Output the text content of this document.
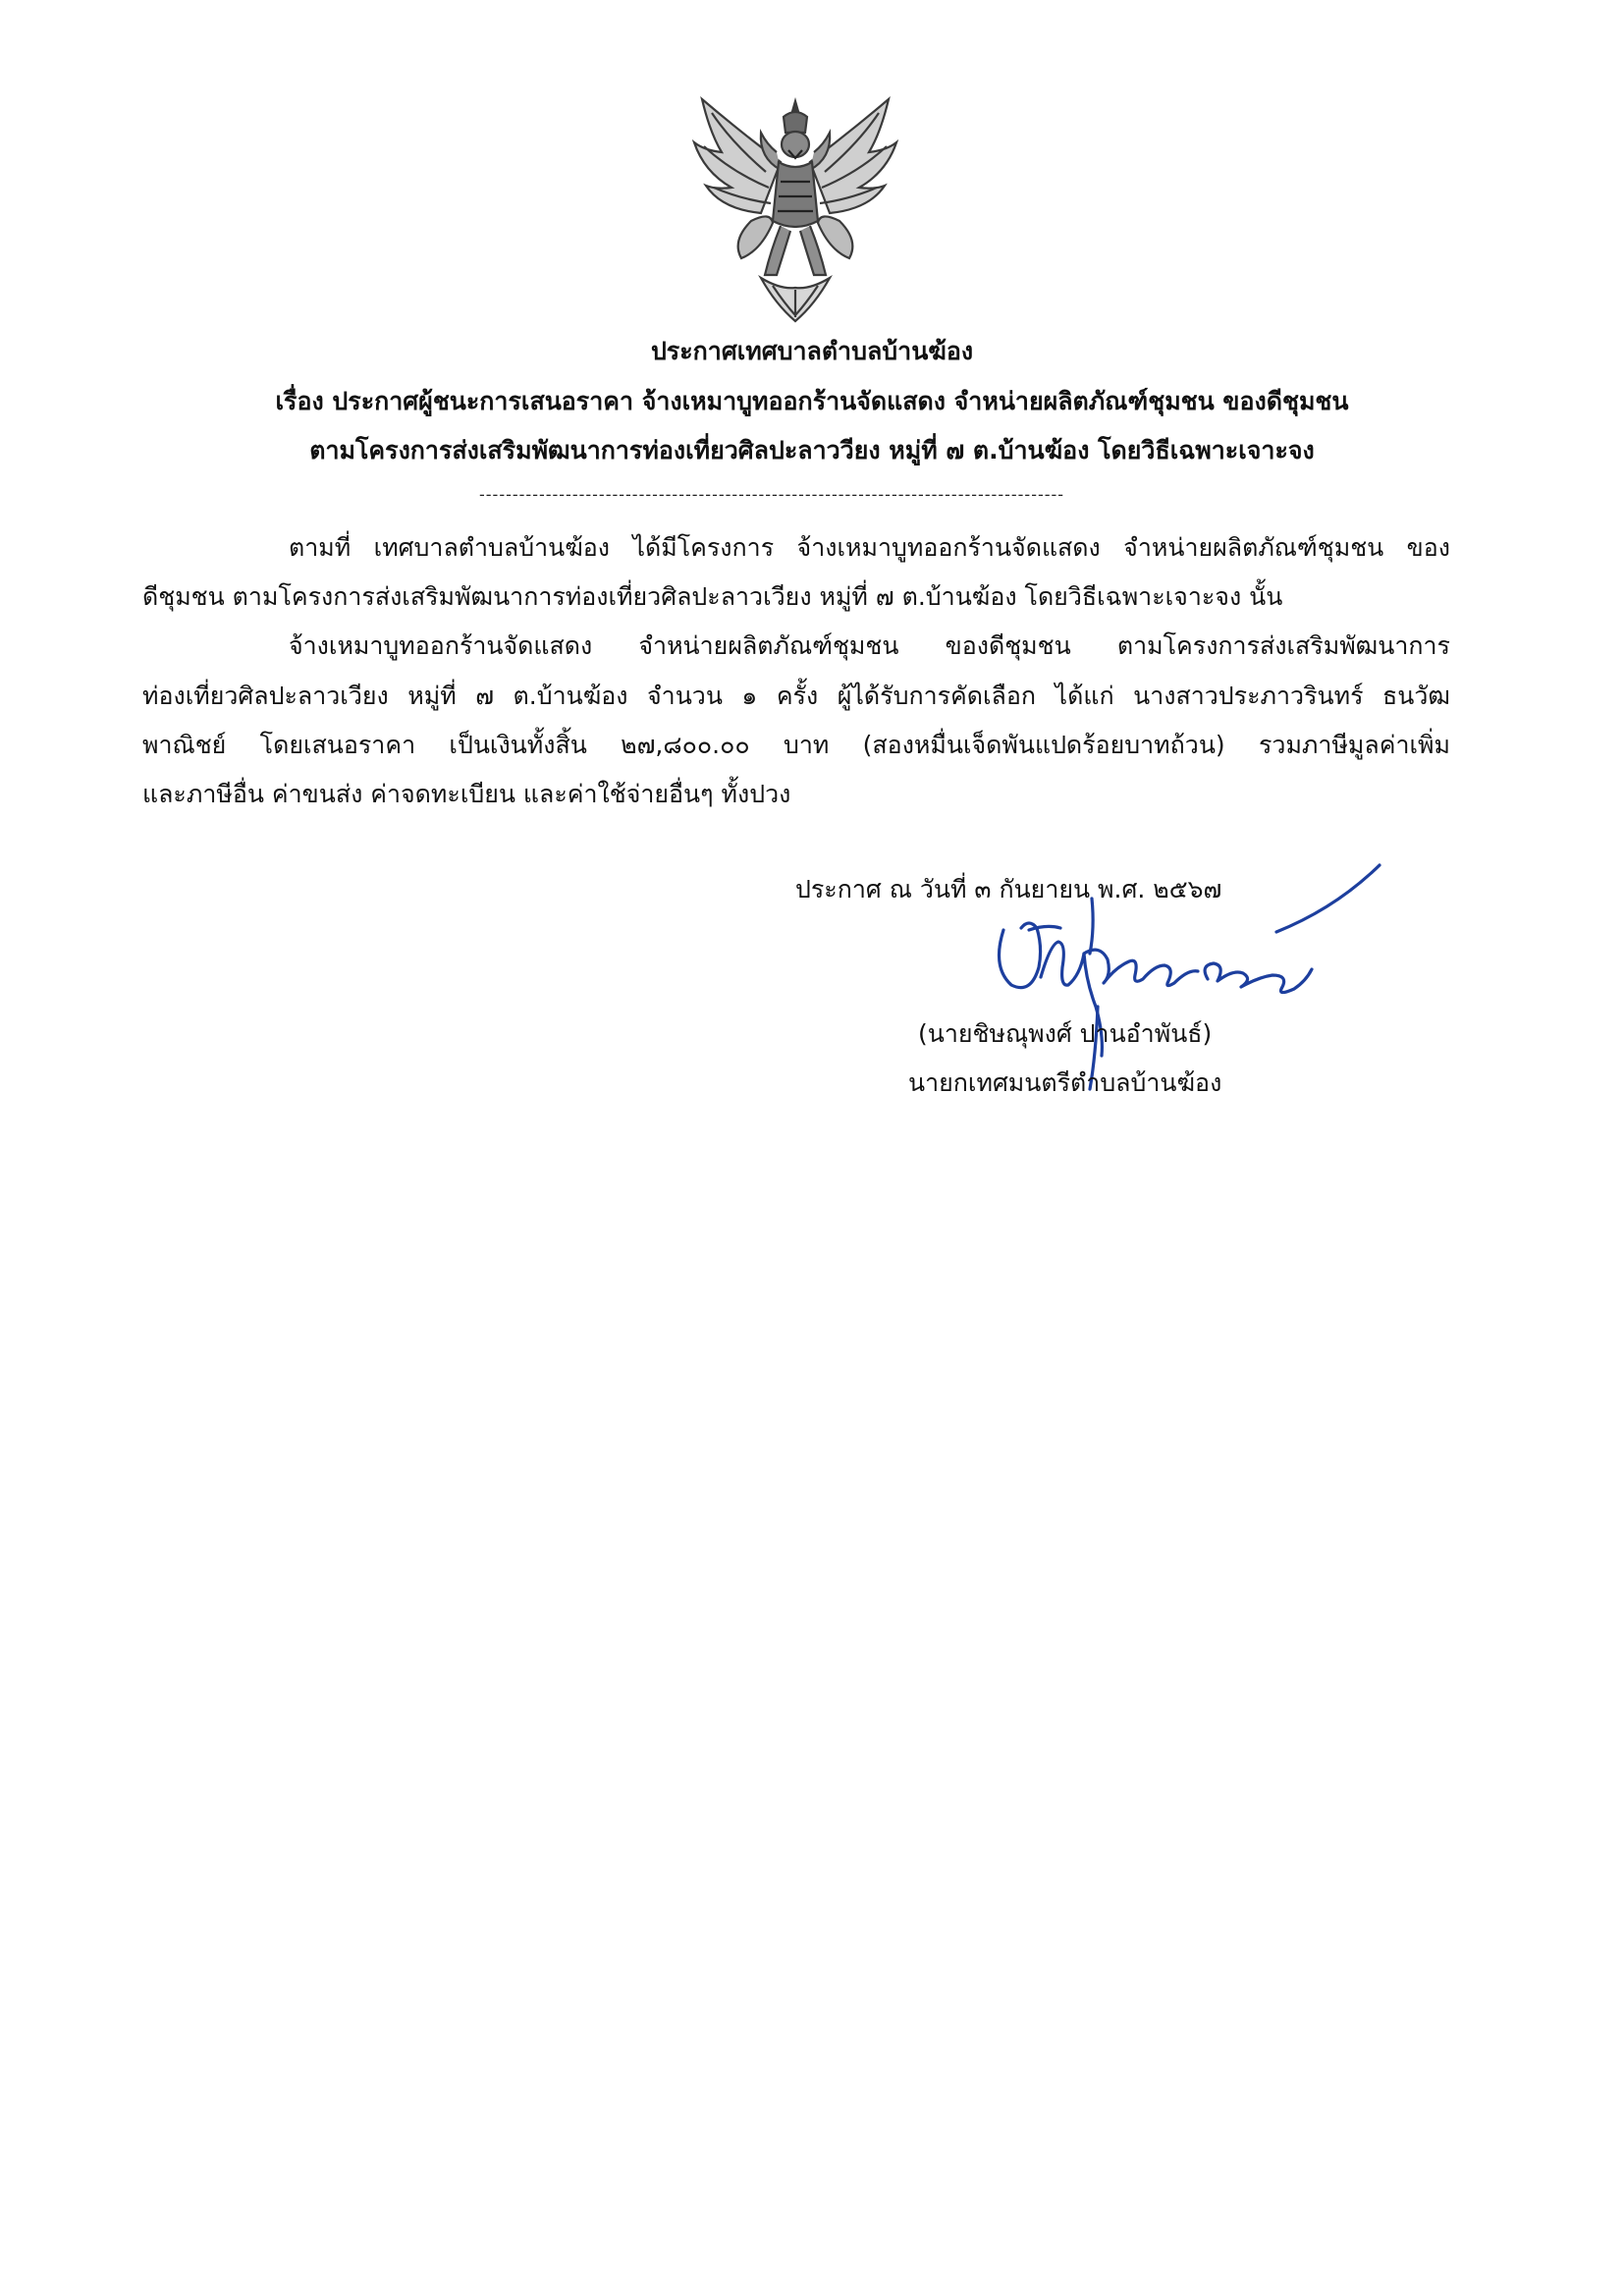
ประกาศเทศบาลตำบลบ้านฆ้อง
เรื่อง ประกาศผู้ชนะการเสนอราคา จ้างเหมาบูทออกร้านจัดแสดง จำหน่ายผลิตภัณฑ์ชุมชน ของดีชุมชน
ตามโครงการส่งเสริมพัฒนาการท่องเที่ยวศิลปะลาววียง หมู่ที่ ๗ ต.บ้านฆ้อง โดยวิธีเฉพาะเจาะจง
----------------------------------------------------------------------------------------
ตามที่ เทศบาลตำบลบ้านฆ้อง ได้มีโครงการ จ้างเหมาบูทออกร้านจัดแสดง จำหน่ายผลิตภัณฑ์ชุมชน ของ
ดีชุมชน ตามโครงการส่งเสริมพัฒนาการท่องเที่ยวศิลปะลาวเวียง หมู่ที่ ๗ ต.บ้านฆ้อง โดยวิธีเฉพาะเจาะจง นั้น
จ้างเหมาบูทออกร้านจัดแสดง จำหน่ายผลิตภัณฑ์ชุมชน ของดีชุมชน ตามโครงการส่งเสริมพัฒนาการ
ท่องเที่ยวศิลปะลาวเวียง หมู่ที่ ๗ ต.บ้านฆ้อง จำนวน ๑ ครั้ง ผู้ได้รับการคัดเลือก ได้แก่ นางสาวประภาวรินทร์ ธนวัฒ
พาณิชย์ โดยเสนอราคา เป็นเงินทั้งสิ้น ๒๗,๘๐๐.๐๐ บาท (สองหมื่นเจ็ดพันแปดร้อยบาทถ้วน) รวมภาษีมูลค่าเพิ่ม
และภาษีอื่น ค่าขนส่ง ค่าจดทะเบียน และค่าใช้จ่ายอื่นๆ ทั้งปวง
ประกาศ ณ วันที่ ๓ กันยายน พ.ศ. ๒๕๖๗
(นายชิษณุพงศ์ ปานอำพันธ์)
นายกเทศมนตรีตำบลบ้านฆ้อง
